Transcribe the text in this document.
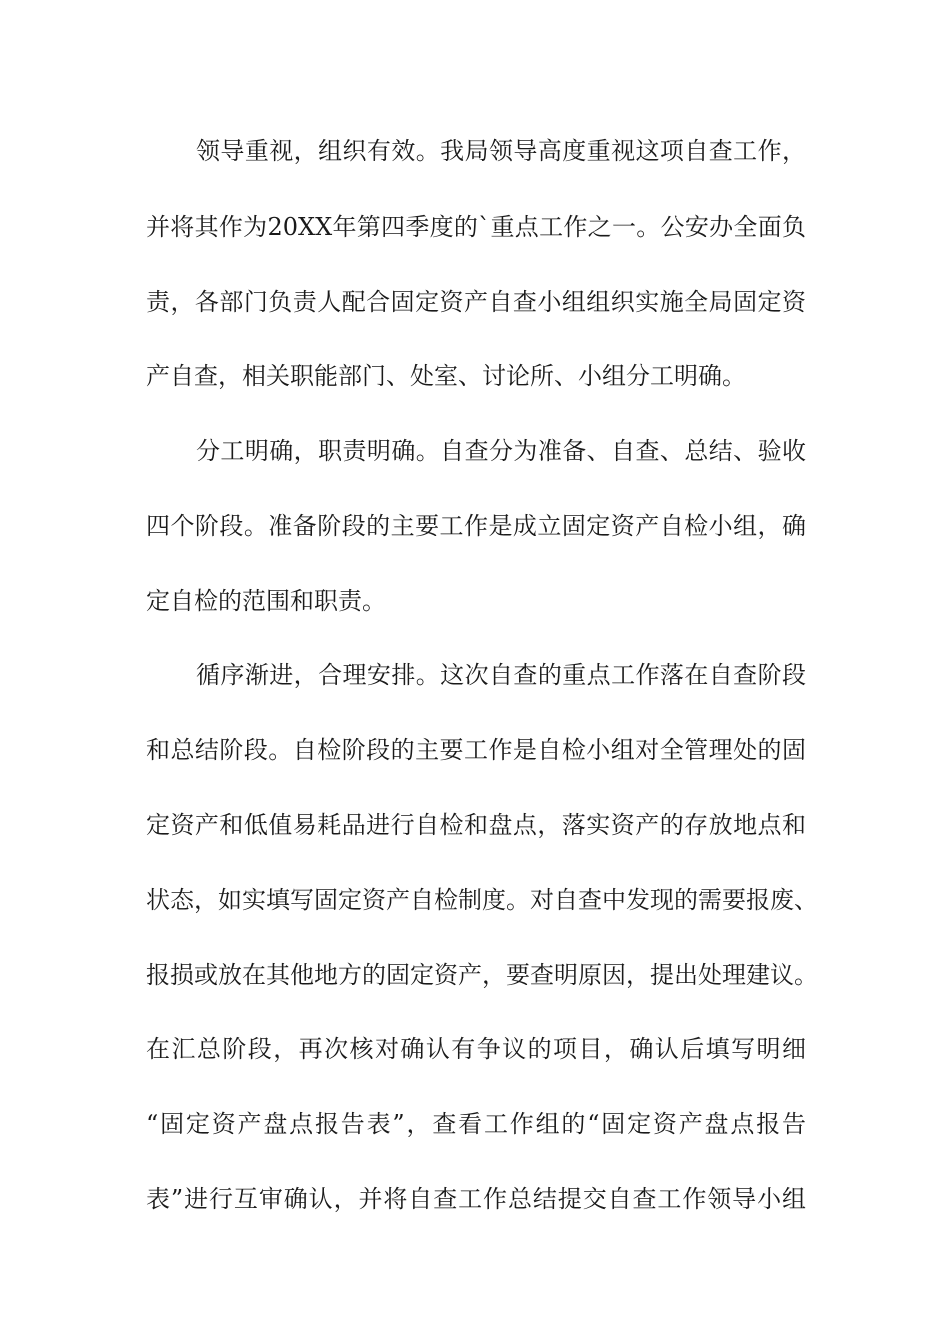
领导重视，组织有效。我局领导高度重视这项自查工作，
并将其作为20XX年第四季度的`重点工作之一。公安办全面负
责，各部门负责人配合固定资产自查小组组织实施全局固定资
产自查，相关职能部门、处室、讨论所、小组分工明确。
分工明确，职责明确。自查分为准备、自查、总结、验收
四个阶段。准备阶段的主要工作是成立固定资产自检小组，确
定自检的范围和职责。
循序渐进，合理安排。这次自查的重点工作落在自查阶段
和总结阶段。自检阶段的主要工作是自检小组对全管理处的固
定资产和低值易耗品进行自检和盘点，落实资产的存放地点和
状态，如实填写固定资产自检制度。对自查中发现的需要报废、
报损或放在其他地方的固定资产，要查明原因，提出处理建议。
在汇总阶段，再次核对确认有争议的项目，确认后填写明细
“固定资产盘点报告表”，查看工作组的“固定资产盘点报告
表”进行互审确认，并将自查工作总结提交自查工作领导小组
